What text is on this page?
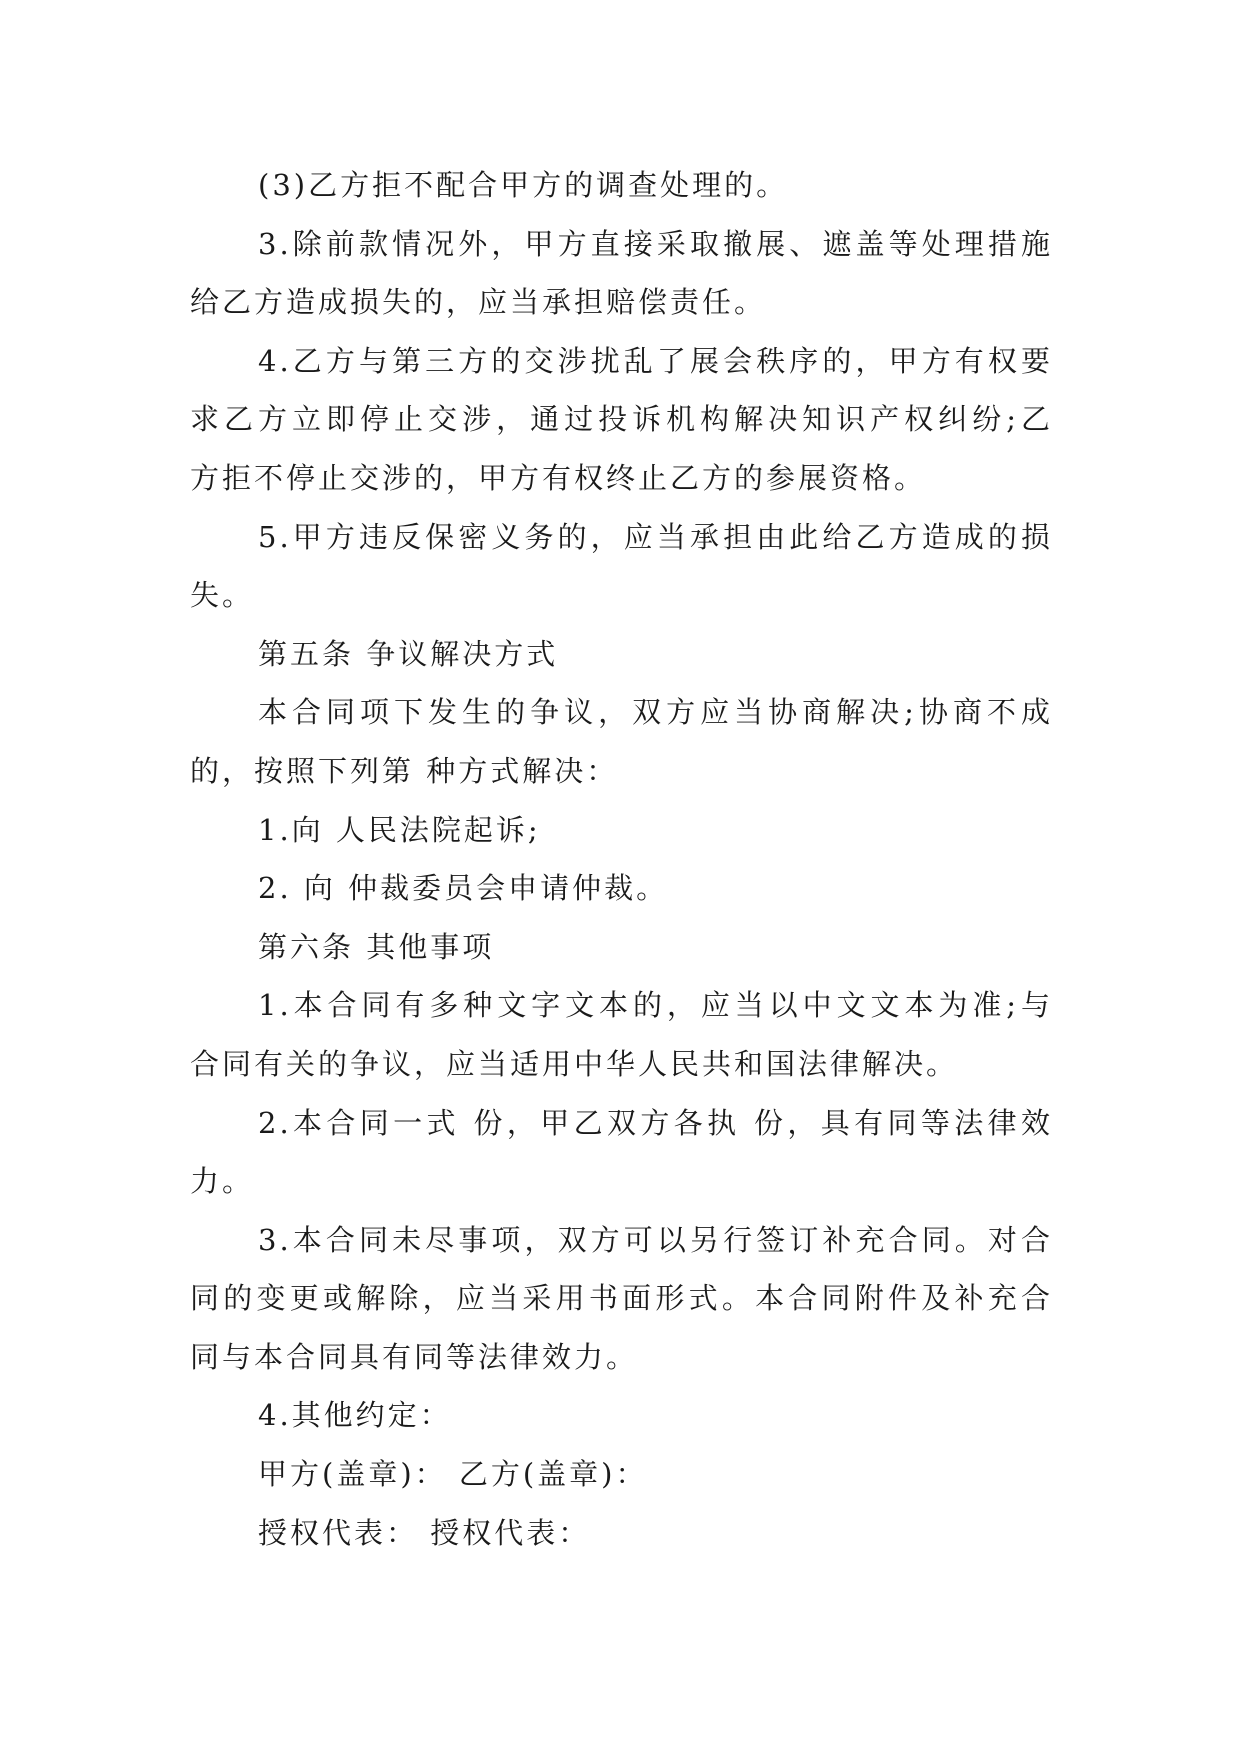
(3)乙方拒不配合甲方的调查处理的。
3.除前款情况外，甲方直接采取撤展、遮盖等处理措施
给乙方造成损失的，应当承担赔偿责任。
4.乙方与第三方的交涉扰乱了展会秩序的，甲方有权要
求乙方立即停止交涉，通过投诉机构解决知识产权纠纷;乙
方拒不停止交涉的，甲方有权终止乙方的参展资格。
5.甲方违反保密义务的，应当承担由此给乙方造成的损
失。
第五条 争议解决方式
本合同项下发生的争议，双方应当协商解决;协商不成
的，按照下列第 种方式解决：
1.向 人民法院起诉;
2. 向 仲裁委员会申请仲裁。
第六条 其他事项
1.本合同有多种文字文本的，应当以中文文本为准;与
合同有关的争议，应当适用中华人民共和国法律解决。
2.本合同一式 份，甲乙双方各执 份，具有同等法律效
力。
3.本合同未尽事项，双方可以另行签订补充合同。对合
同的变更或解除，应当采用书面形式。本合同附件及补充合
同与本合同具有同等法律效力。
4.其他约定：
甲方(盖章)： 乙方(盖章)：
授权代表： 授权代表：
